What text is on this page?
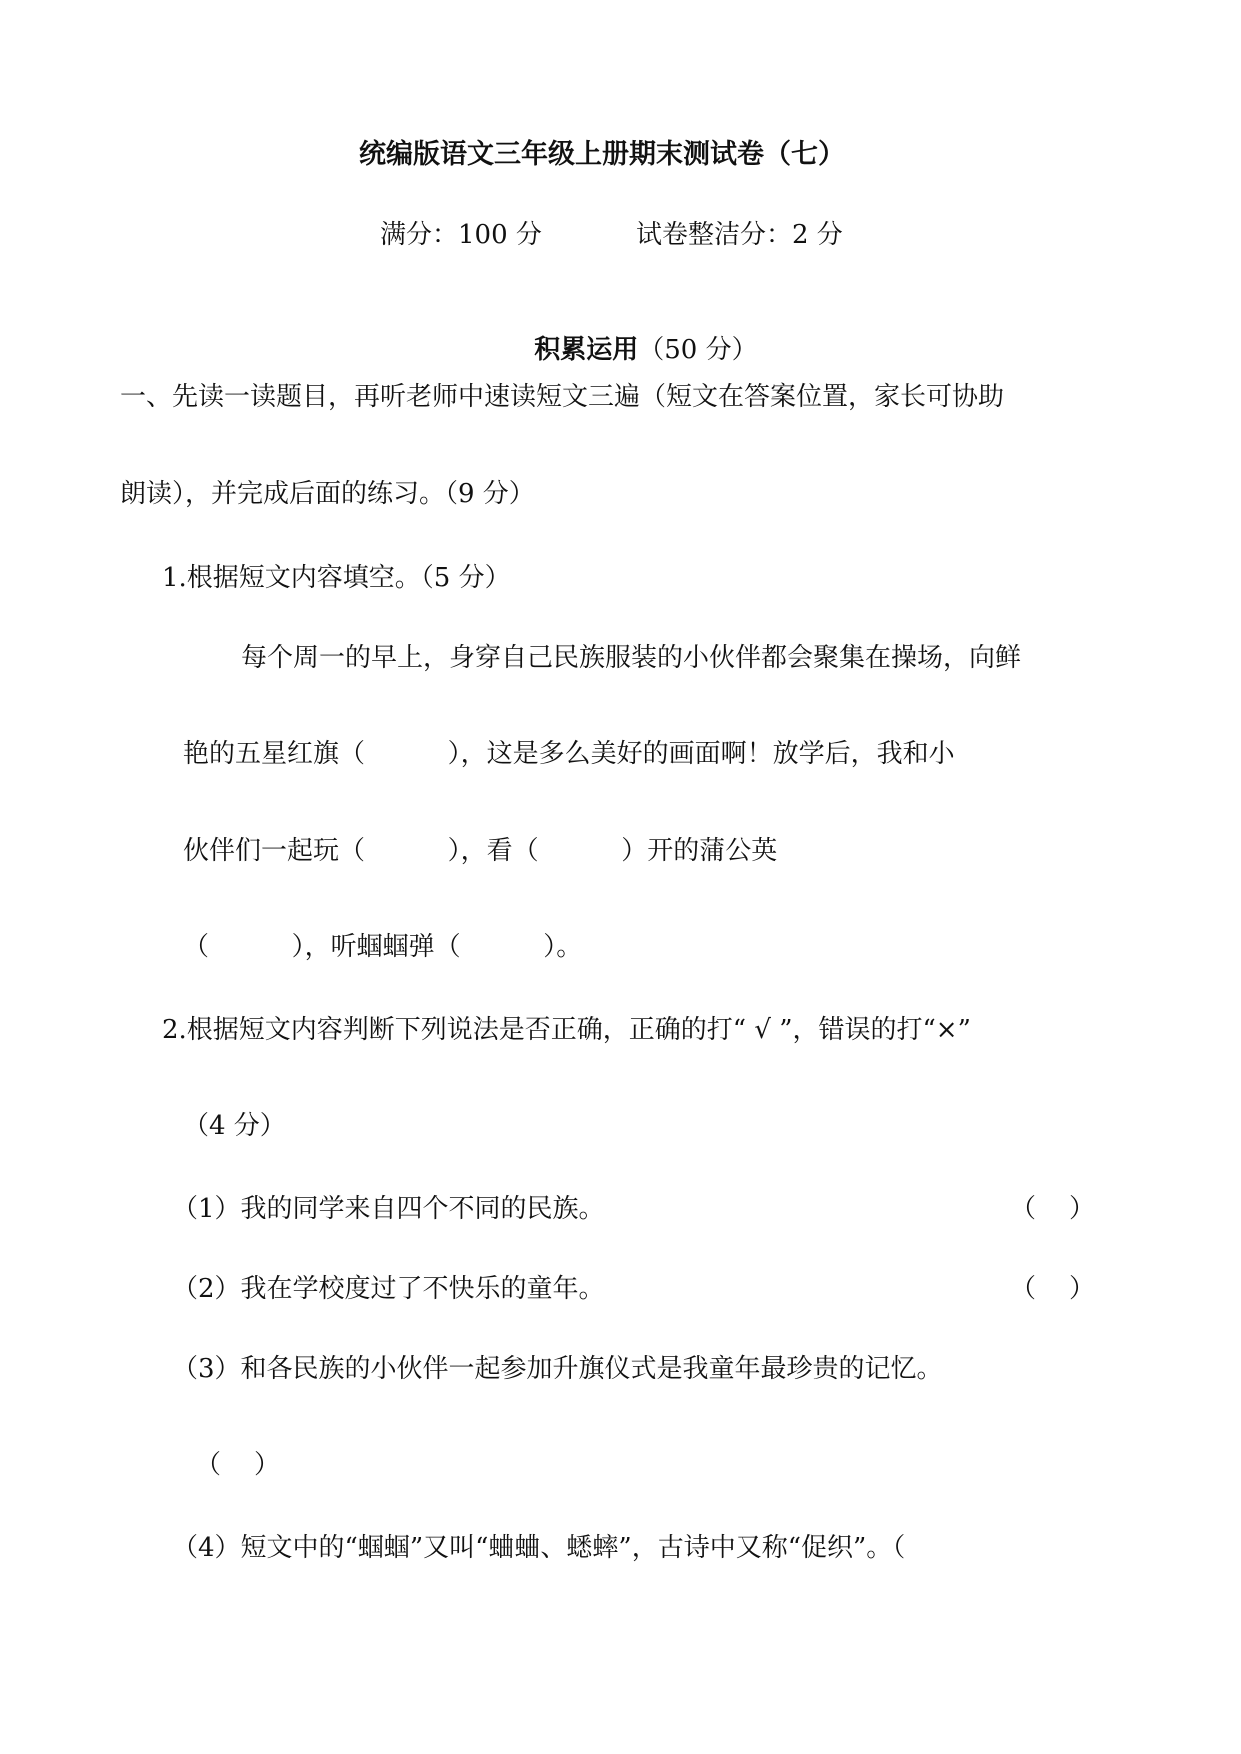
统编版语文三年级上册期末测试卷（七）
满分：100 分	试卷整洁分：2 分

积累运用（50 分）

一、先读一读题目，再听老师中速读短文三遍（短文在答案位置，家长可协助
朗读），并完成后面的练习。（9 分）
1.根据短文内容填空。（5 分）
每个周一的早上，身穿自己民族服装的小伙伴都会聚集在操场，向鲜
艳的五星红旗（          ），这是多么美好的画面啊！放学后，我和小
伙伴们一起玩（          ），看（          ）开的蒲公英
（          ），听蝈蝈弹（          ）。
2.根据短文内容判断下列说法是否正确，正确的打“ √ ”，错误的打“×”
（4 分）
（1）我的同学来自四个不同的民族。	（    ）
（2）我在学校度过了不快乐的童年。	（    ）
（3）和各民族的小伙伴一起参加升旗仪式是我童年最珍贵的记忆。
（    ）
（4）短文中的“蝈蝈”又叫“蛐蛐、蟋蟀”，古诗中又称“促织”。（
